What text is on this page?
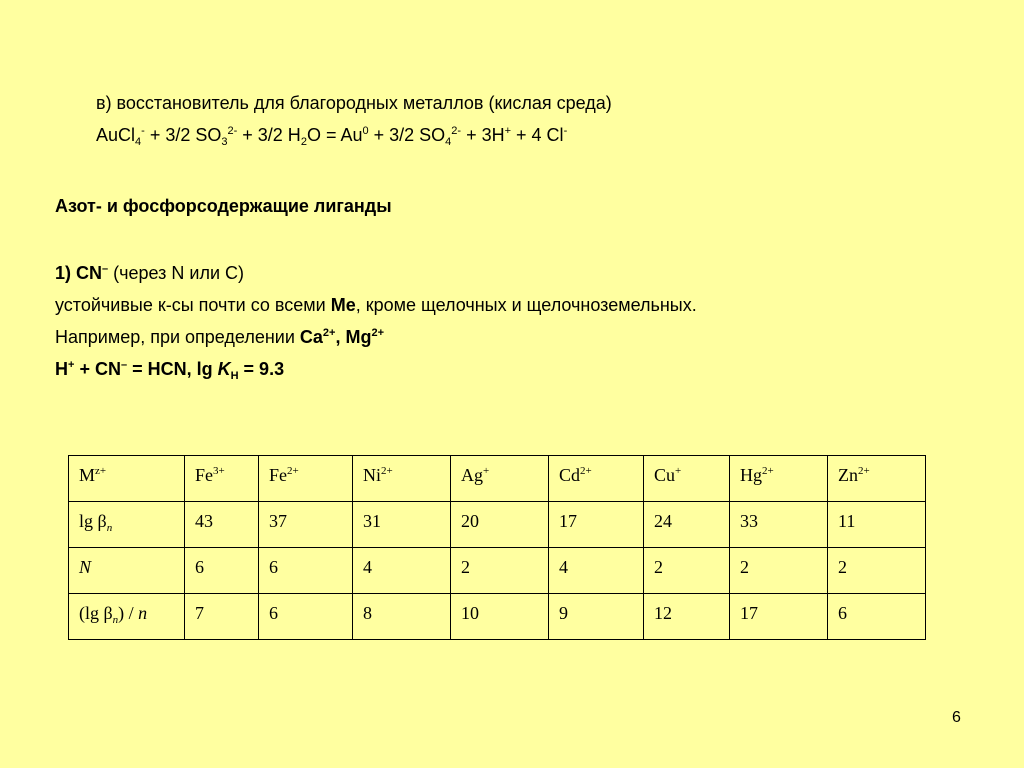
в) восстановитель для благородных металлов (кислая среда)
AuCl$_4$- + 3/2 $SO_3^{2-} + 3/2$ $H_2O = Au^0 + 3/2$ $SO_4^{2-} + 3H^+ + 4$ Cl-
Азот- и фосфорсодержащие лиганды
1) CN– (через N или C)
устойчивые к-сы почти со всеми Me, кроме щелочных и щелочноземельных.
Например, при определении $Ca^{2+}$, $Mg^{2+}$
H+ + CN– = HCN, $\lg K_H = 9.3$
$M^{z+}$	$Fe^{3+}$	$Fe^{2+}$	$Ni^{2+}$	Ag+	$Cd^{2+}$	Cu+	$Hg^{2+}$	$Zn^{2+}$
$\lg \beta_n$	43	37	31	20	17	24	33	11
N	6	6	4	2	4	2	2	2
(lg $\beta_n$) / n	7	6	8	10	9	12	17	6
6
